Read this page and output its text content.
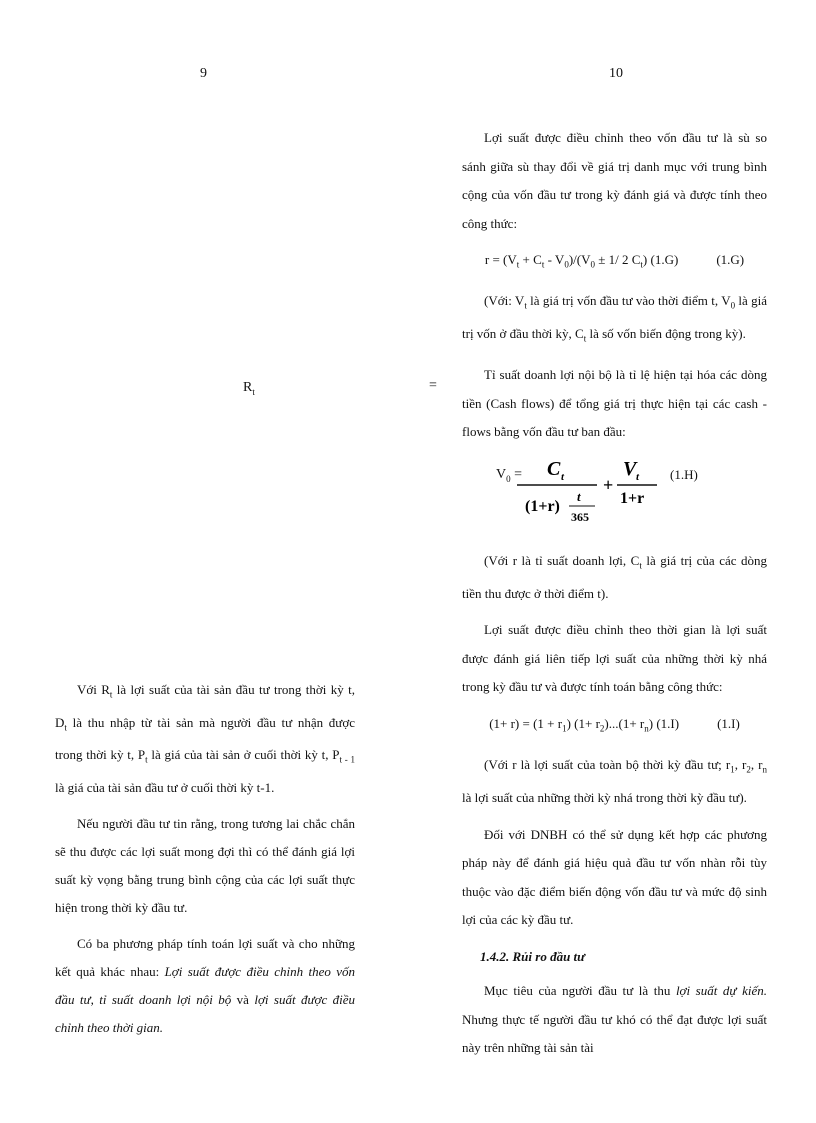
9	10
$R_t$	=

Với $R_t$ là lợi suất của tài sản đầu tư trong thời kỳ t, $D_t$ là thu nhập từ tài sản mà người đầu tư nhận được trong thời kỳ t, $P_t$ là giá của tài sản ở cuối thời kỳ t, $P_{t - 1}$ là giá của tài sản đầu tư ở cuối thời kỳ t-1.

Nếu người đầu tư tin rằng, trong tương lai chắc chắn sẽ thu được các lợi suất mong đợi thì có thể đánh giá lợi suất kỳ vọng bằng trung bình cộng của các lợi suất thực hiện trong thời kỳ đầu tư.

Có ba phương pháp tính toán lợi suất và cho những kết quả khác nhau: Lợi suất được điều chỉnh theo vốn đầu tư, tỉ suất doanh lợi nội bộ và lợi suất được điều chỉnh theo thời gian.

Lợi suất được điều chỉnh theo vốn đầu tư là sù so sánh giữa sù thay đổi về giá trị danh mục với trung bình cộng của vốn đầu tư trong kỳ đánh giá và được tính theo công thức:

$r = (V_t + C_t - V_0)/(V_0 \pm 1/$ 2 $C_t$) (1.G)	(1.G)

(Với: $V_t$ là giá trị vốn đầu tư vào thời điểm t, $V_0$ là giá trị vốn ở đầu thời kỳ, $C_t$ là số vốn biến động trong kỳ).

Tỉ suất doanh lợi nội bộ là tỉ lệ hiện tại hóa các dòng tiền (Cash flows) để tổng giá trị thực hiện tại các cash - flows bằng vốn đầu tư ban đầu:

$V_0 = C$ t
(1+r)
t
365
+
V t
1+r
(1.H)

(Với r là tỉ suất doanh lợi, $C_t$ là giá trị của các dòng tiền thu được ở thời điểm t).

Lợi suất được điều chỉnh theo thời gian là lợi suất được đánh giá liên tiếp lợi suất của những thời kỳ nhá trong kỳ đầu tư và được tính toán bằng công thức:

$(1+ r) = (1 + r_1)$ $(1+ r_2)...(1+ r_n)$ (1.I)	(1.I)

(Với r là lợi suất của toàn bộ thời kỳ đầu tư; $r_1$, $r_2$, $r_n$ là lợi suất của những thời kỳ nhá trong thời kỳ đầu tư).

Đối với DNBH có thể sử dụng kết hợp các phương pháp này để đánh giá hiệu quả đầu tư vốn nhàn rỗi tùy thuộc vào đặc điểm biến động vốn đầu tư và mức độ sinh lợi của các kỳ đầu tư.

1.4.2. Rủi ro đầu tư

Mục tiêu của người đầu tư là thu lợi suất dự kiến. Nhưng thực tế người đầu tư khó có thể đạt được lợi suất này trên những tài sản tài
